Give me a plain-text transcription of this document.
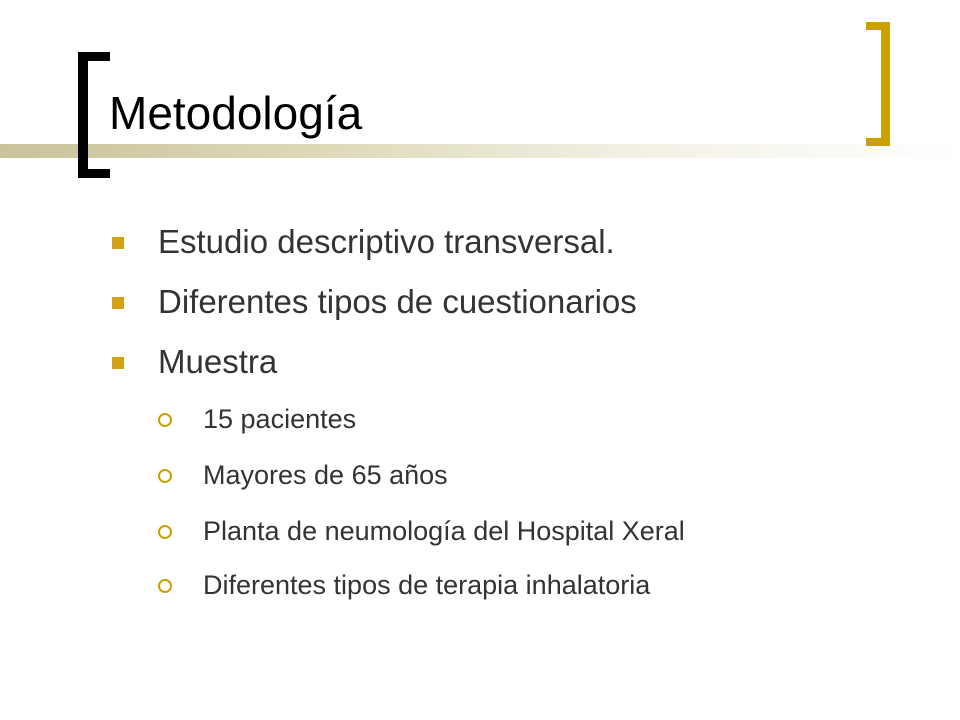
Metodología
Estudio descriptivo transversal.
Diferentes tipos de cuestionarios
Muestra
15 pacientes
Mayores de 65 años
Planta de neumología del Hospital Xeral
Diferentes tipos de terapia inhalatoria
